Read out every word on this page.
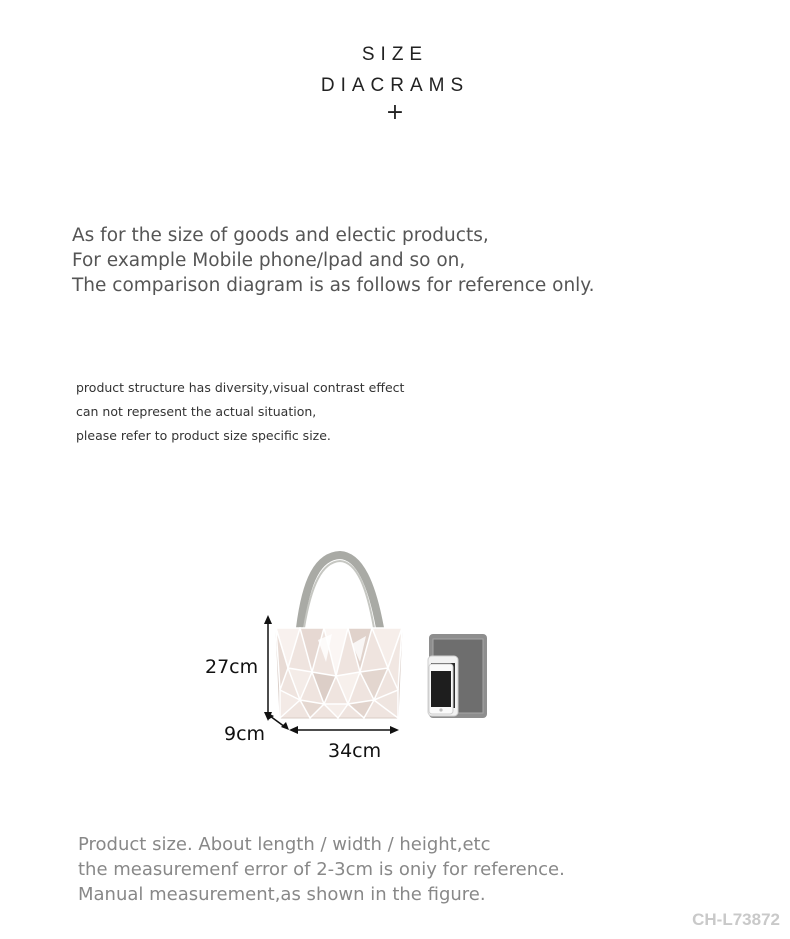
SIZE
DIACRAMS
+
As for the size of goods and electic products,
For example Mobile phone/lpad and so on,
The comparison diagram is as follows for reference only.
product structure has diversity,visual contrast effect
can not represent the actual situation,
please refer to product size specific size.
27cm
9cm
34cm
Product size. About length / width / height,etc
the measuremenf error of 2-3cm is oniy for reference.
Manual measurement,as shown in the figure.
CH-L73872
